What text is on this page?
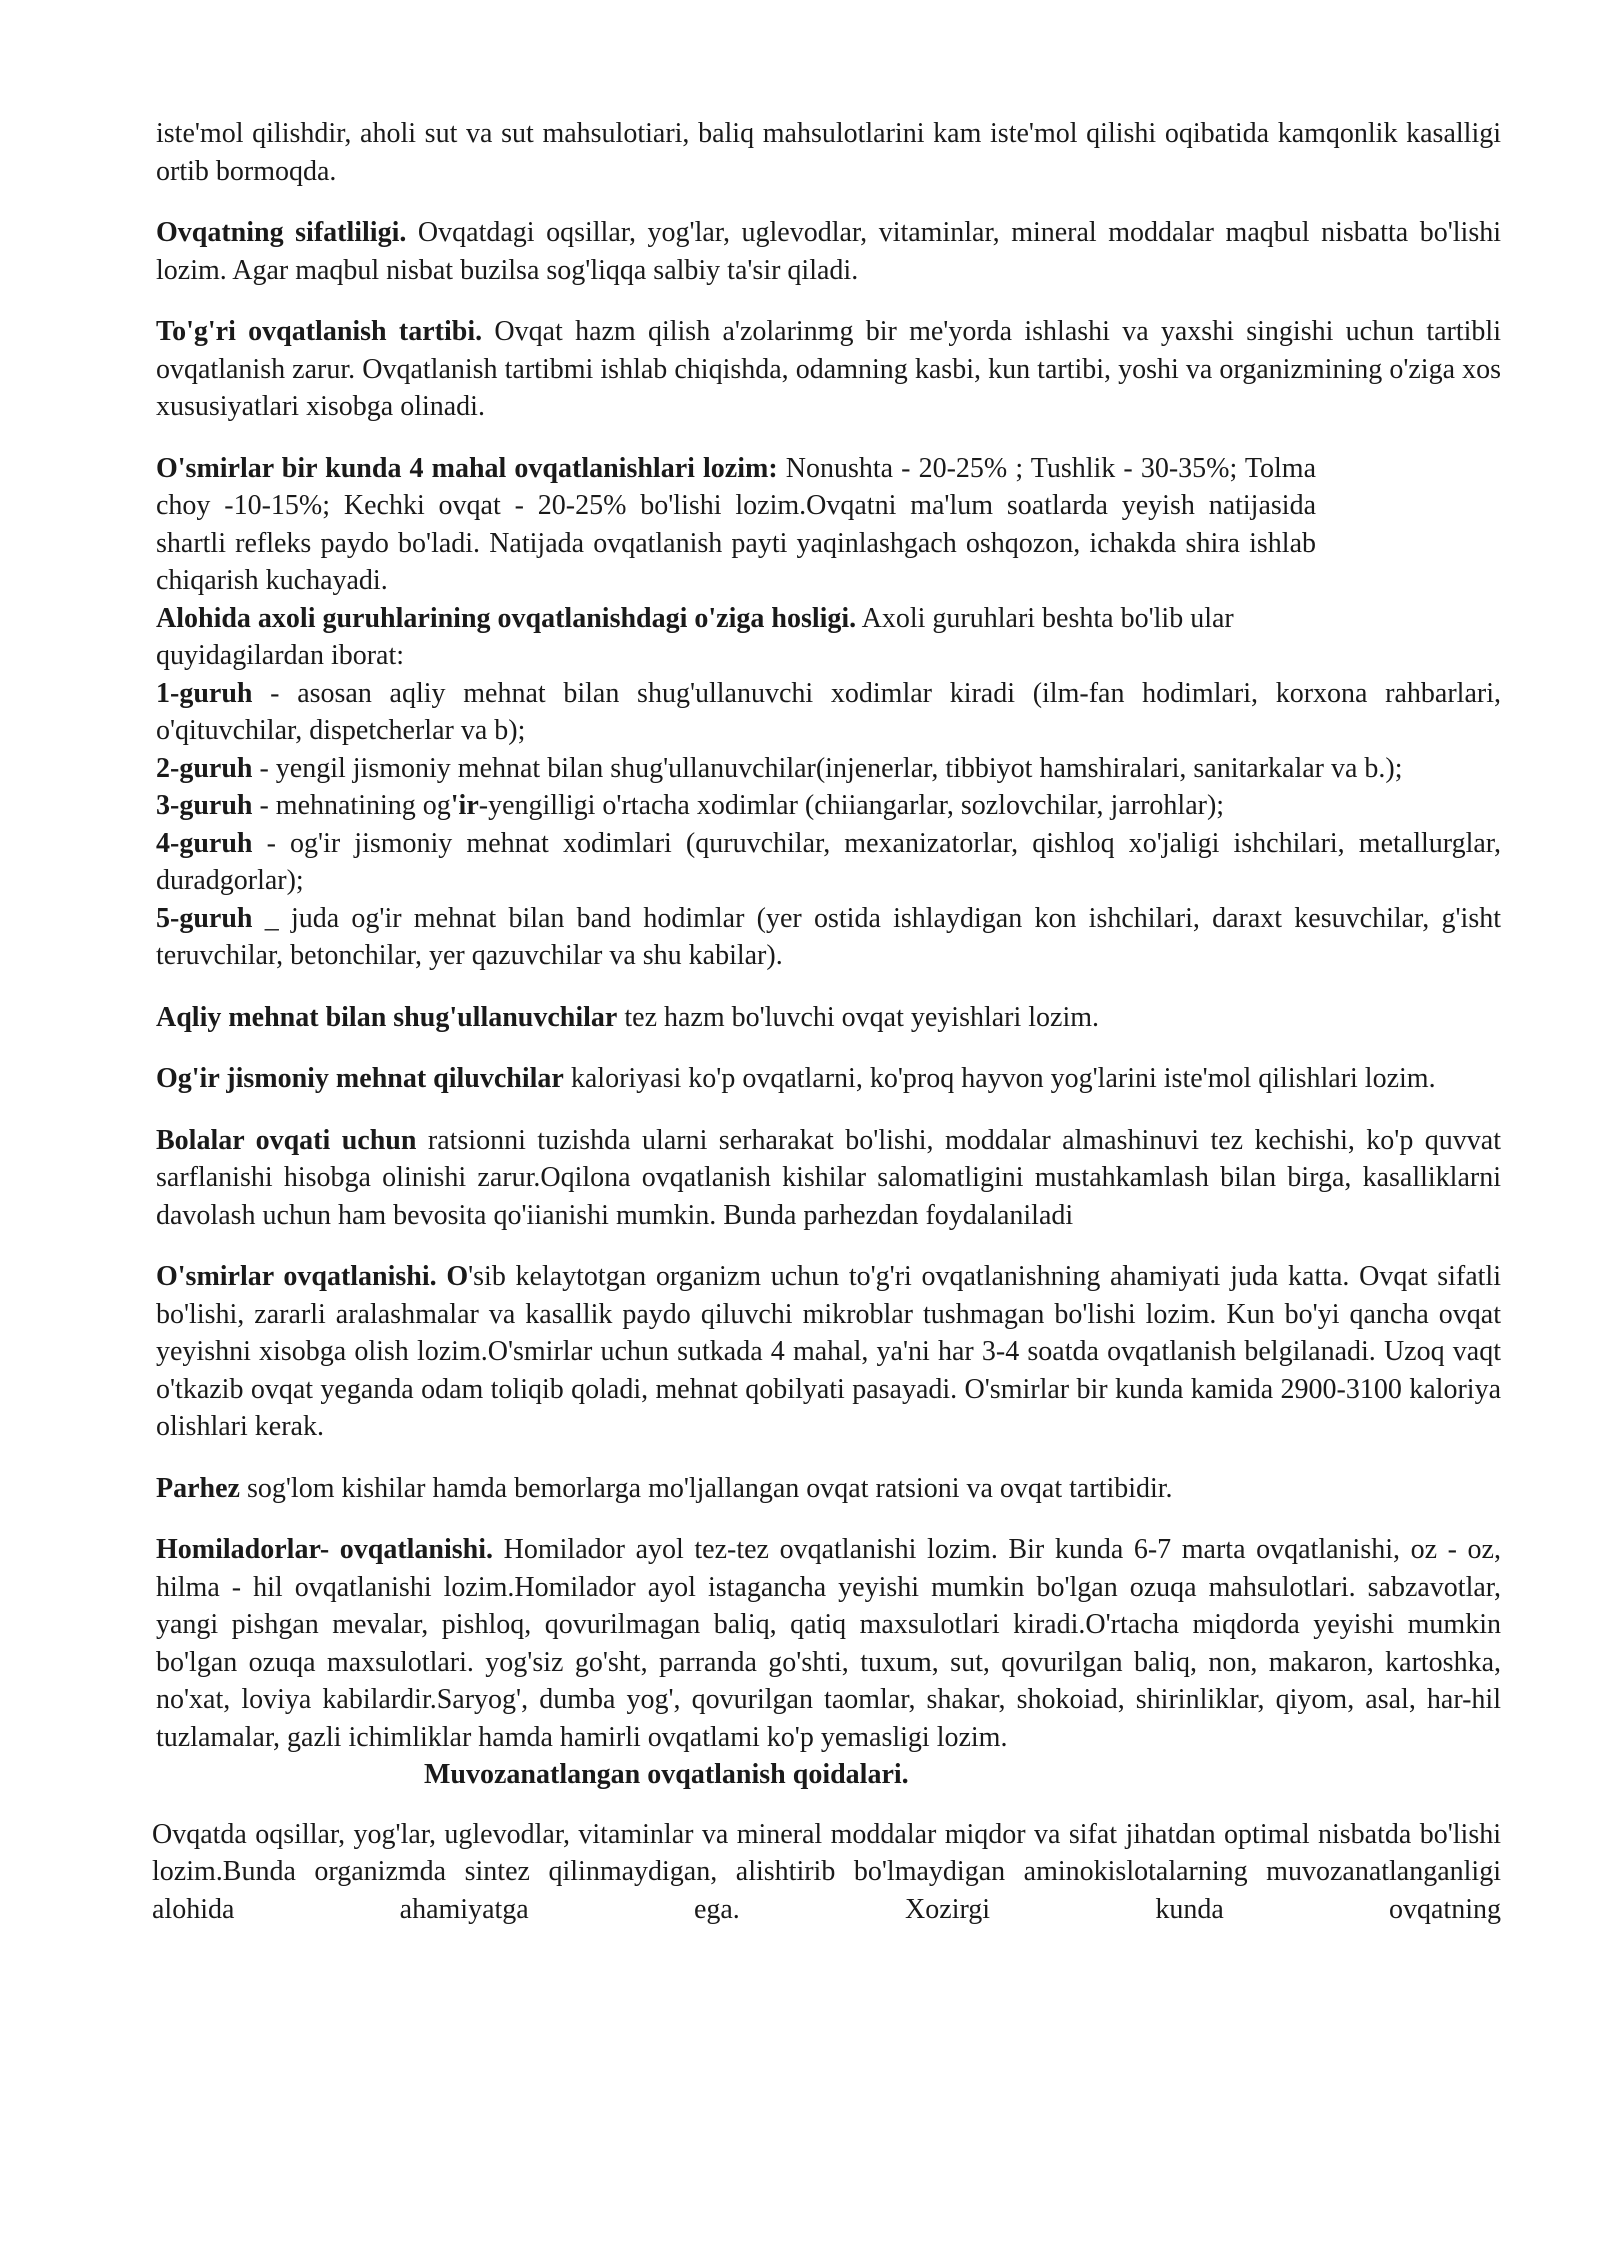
iste'mol qilishdir, aholi sut va sut mahsulotiari, baliq mahsulotlarini kam iste'mol qilishi oqibatida kamqonlik kasalligi ortib bormoqda.

Ovqatning sifatliligi. Ovqatdagi oqsillar, yog'lar, uglevodlar, vitaminlar, mineral moddalar maqbul nisbatta bo'lishi lozim. Agar maqbul nisbat buzilsa sog'liqqa salbiy ta'sir qiladi.

To'g'ri ovqatlanish tartibi. Ovqat hazm qilish a'zolarinmg bir me'yorda ishlashi va yaxshi singishi uchun tartibli ovqatlanish zarur. Ovqatlanish tartibmi ishlab chiqishda, odamning kasbi, kun tartibi, yoshi va organizmining o'ziga xos xususiyatlari xisobga olinadi.

O'smirlar bir kunda 4 mahal ovqatlanishlari lozim: Nonushta - 20-25% ; Tushlik - 30-35%; Tolma choy -10-15%; Kechki ovqat - 20-25% bo'lishi lozim.Ovqatni ma'lum soatlarda yeyish natijasida shartli refleks paydo bo'ladi. Natijada ovqatlanish payti yaqinlashgach oshqozon, ichakda shira ishlab chiqarish kuchayadi.

Alohida axoli guruhlarining ovqatlanishdagi o'ziga hosligi. Axoli guruhlari beshta bo'lib ular quyidagilardan iborat:

1-guruh - asosan aqliy mehnat bilan shug'ullanuvchi xodimlar kiradi (ilm-fan hodimlari, korxona rahbarlari, o'qituvchilar, dispetcherlar va b);

2-guruh - yengil jismoniy mehnat bilan shug'ullanuvchilar(injenerlar, tibbiyot hamshiralari, sanitarkalar va b.);

3-guruh - mehnatining og'ir-yengilligi o'rtacha xodimlar (chiiangarlar, sozlovchilar, jarrohlar);

4-guruh - og'ir jismoniy mehnat xodimlari (quruvchilar, mexanizatorlar, qishloq xo'jaligi ishchilari, metallurglar, duradgorlar);

5-guruh _ juda og'ir mehnat bilan band hodimlar (yer ostida ishlaydigan kon ishchilari, daraxt kesuvchilar, g'isht teruvchilar, betonchilar, yer qazuvchilar va shu kabilar).

Aqliy mehnat bilan shug'ullanuvchilar tez hazm bo'luvchi ovqat yeyishlari lozim.

Og'ir jismoniy mehnat qiluvchilar kaloriyasi ko'p ovqatlarni, ko'proq hayvon yog'larini iste'mol qilishlari lozim.

Bolalar ovqati uchun ratsionni tuzishda ularni serharakat bo'lishi, moddalar almashinuvi tez kechishi, ko'p quvvat sarflanishi hisobga olinishi zarur.Oqilona ovqatlanish kishilar salomatligini mustahkamlash bilan birga, kasalliklarni davolash uchun ham bevosita qo'iianishi mumkin. Bunda parhezdan foydalaniladi

O'smirlar ovqatlanishi. O'sib kelaytotgan organizm uchun to'g'ri ovqatlanishning ahamiyati juda katta. Ovqat sifatli bo'lishi, zararli aralashmalar va kasallik paydo qiluvchi mikroblar tushmagan bo'lishi lozim. Kun bo'yi qancha ovqat yeyishni xisobga olish lozim.O'smirlar uchun sutkada 4 mahal, ya'ni har 3-4 soatda ovqatlanish belgilanadi. Uzoq vaqt o'tkazib ovqat yeganda odam toliqib qoladi, mehnat qobilyati pasayadi. O'smirlar bir kunda kamida 2900-3100 kaloriya olishlari kerak.

Parhez sog'lom kishilar hamda bemorlarga mo'ljallangan ovqat ratsioni va ovqat tartibidir.

Homiladorlar- ovqatlanishi. Homilador ayol tez-tez ovqatlanishi lozim. Bir kunda 6-7 marta ovqatlanishi, oz - oz, hilma - hil ovqatlanishi lozim.Homilador ayol istagancha yeyishi mumkin bo'lgan ozuqa mahsulotlari. sabzavotlar, yangi pishgan mevalar, pishloq, qovurilmagan baliq, qatiq maxsulotlari kiradi.O'rtacha miqdorda yeyishi mumkin bo'lgan ozuqa maxsulotlari. yog'siz go'sht, parranda go'shti, tuxum, sut, qovurilgan baliq, non, makaron, kartoshka, no'xat, loviya kabilardir.Saryog', dumba yog', qovurilgan taomlar, shakar, shokoiad, shirinliklar, qiyom, asal, har-hil tuzlamalar, gazli ichimliklar hamda hamirli ovqatlami ko'p yemasligi lozim.

Muvozanatlangan ovqatlanish qoidalari.

Ovqatda oqsillar, yog'lar, uglevodlar, vitaminlar va mineral moddalar miqdor va sifat jihatdan optimal nisbatda bo'lishi lozim.Bunda organizmda sintez qilinmaydigan, alishtirib bo'lmaydigan aminokislotalarning muvozanatlanganligi alohida ahamiyatga ega. Xozirgi kunda ovqatning
